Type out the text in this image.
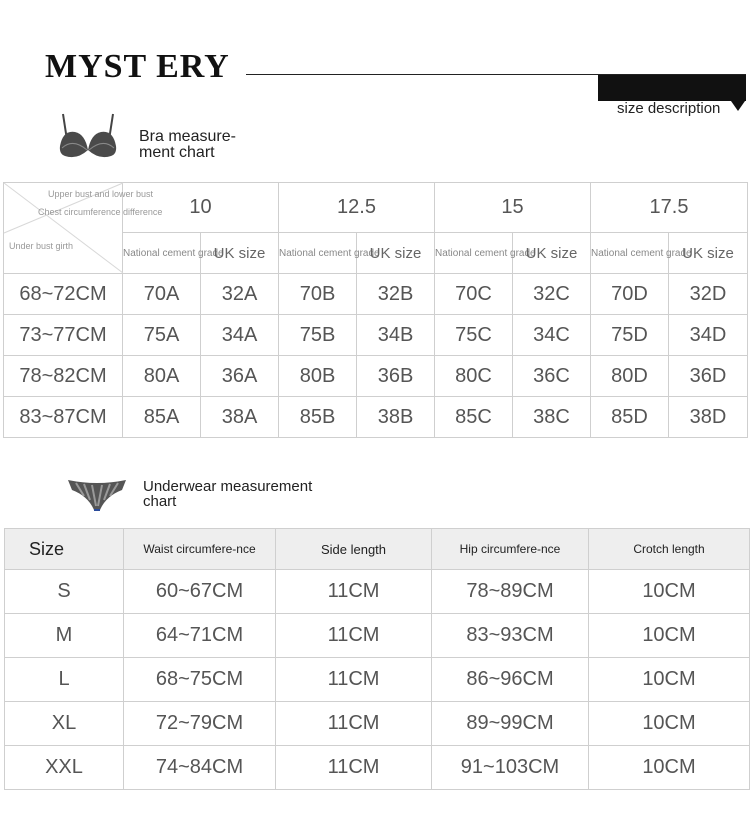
MYST ERY
size description
Bra measure-
ment chart
Upper bust and lower bust
Chest circumference difference
Under bust girth	10		12.5		15		17.5	
	National cement grade	UK size	National cement grade	UK size	National cement grade	UK size	National cement grade	UK size
68~72CM	70A	32A	70B	32B	70C	32C	70D	32D
73~77CM	75A	34A	75B	34B	75C	34C	75D	34D
78~82CM	80A	36A	80B	36B	80C	36C	80D	36D
83~87CM	85A	38A	85B	38B	85C	38C	85D	38D
Underwear measurement
chart
Size	Waist circumfere-nce	Side length	Hip circumfere-nce	Crotch length
S	60~67CM	11CM	78~89CM	10CM
M	64~71CM	11CM	83~93CM	10CM
L	68~75CM	11CM	86~96CM	10CM
XL	72~79CM	11CM	89~99CM	10CM
XXL	74~84CM	11CM	91~103CM	10CM
